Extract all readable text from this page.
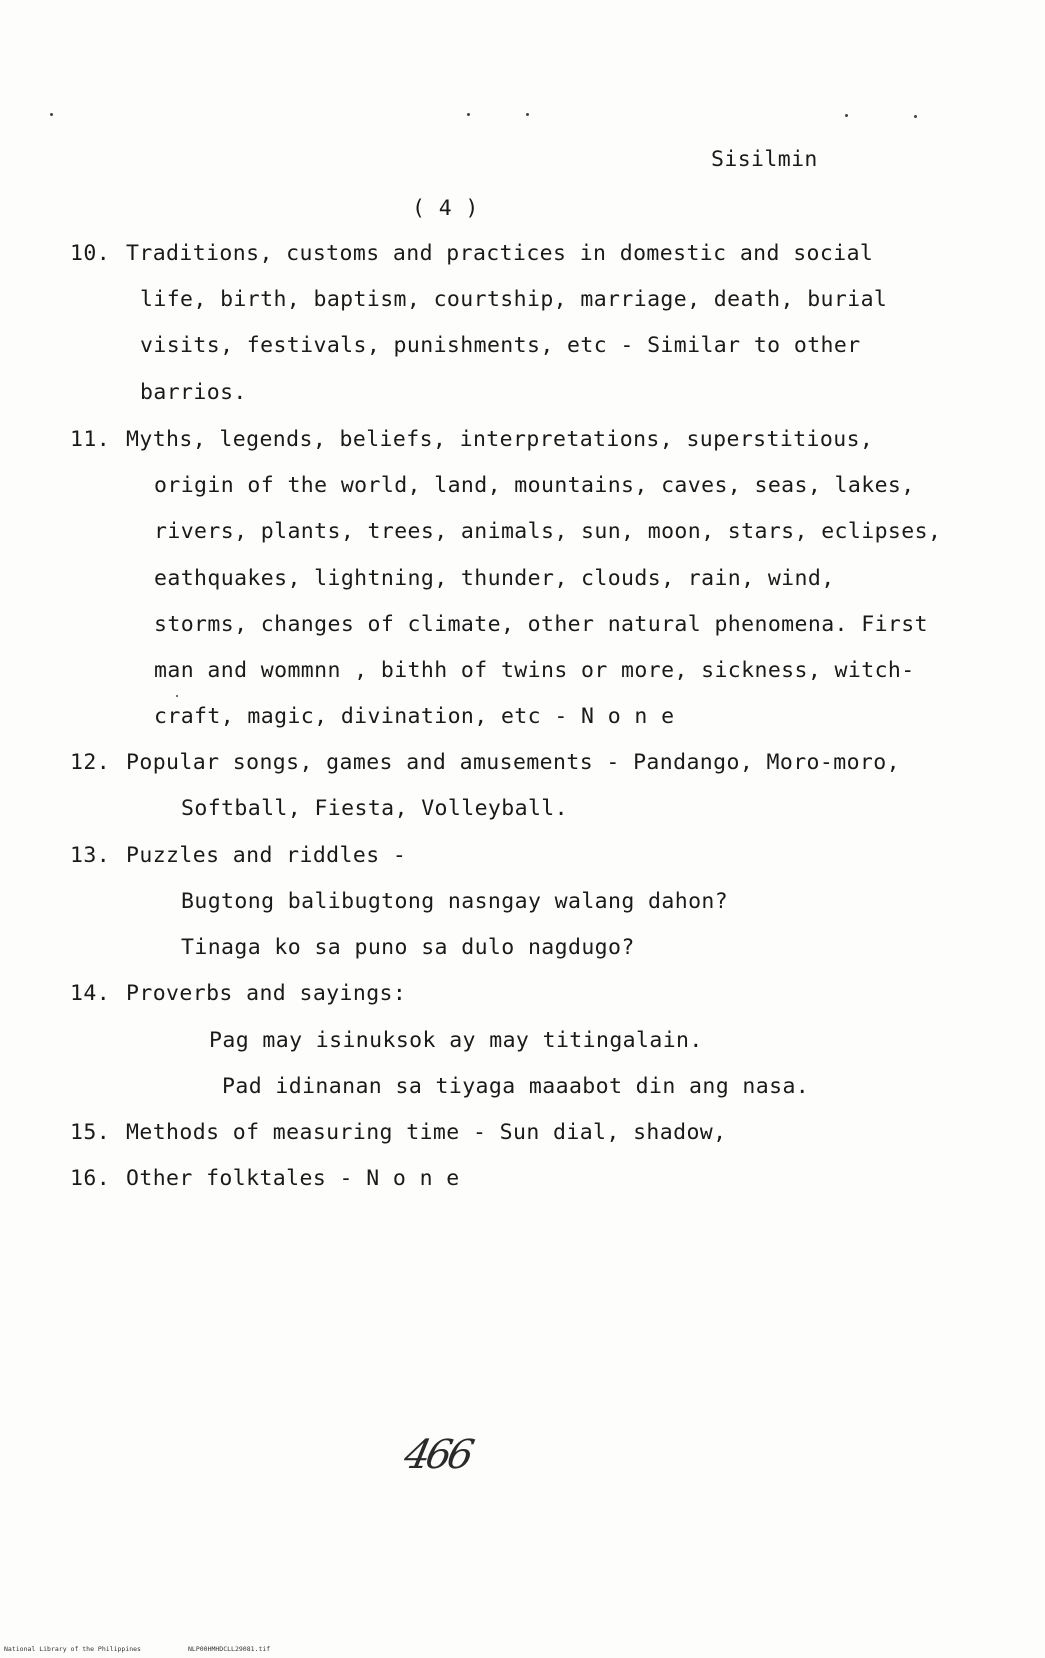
Sisilmin
( 4 )
10. Traditions, customs and practices in domestic and social
life, birth, baptism, courtship, marriage, death, burial
visits, festivals, punishments, etc - Similar to other
barrios.
11. Myths, legends, beliefs, interpretations, superstitious,
origin of the world, land, mountains, caves, seas, lakes,
rivers, plants, trees, animals, sun, moon, stars, eclipses,
eathquakes, lightning, thunder, clouds, rain, wind,
storms, changes of climate, other natural phenomena. First
man and wommnn , bithh of twins or more, sickness, witch-
craft, magic, divination, etc - N o n e
12. Popular songs, games and amusements - Pandango, Moro-moro,
Softball, Fiesta, Volleyball.
13. Puzzles and riddles -
Bugtong balibugtong nasngay walang dahon?
Tinaga ko sa puno sa dulo nagdugo?
14. Proverbs and sayings:
Pag may isinuksok ay may titingalain.
Pad idinanan sa tiyaga maaabot din ang nasa.
15. Methods of measuring time - Sun dial, shadow,
16. Other folktales - N o n e
466
National Library of the Philippines	NLP00HMHDCLL29081.tif
